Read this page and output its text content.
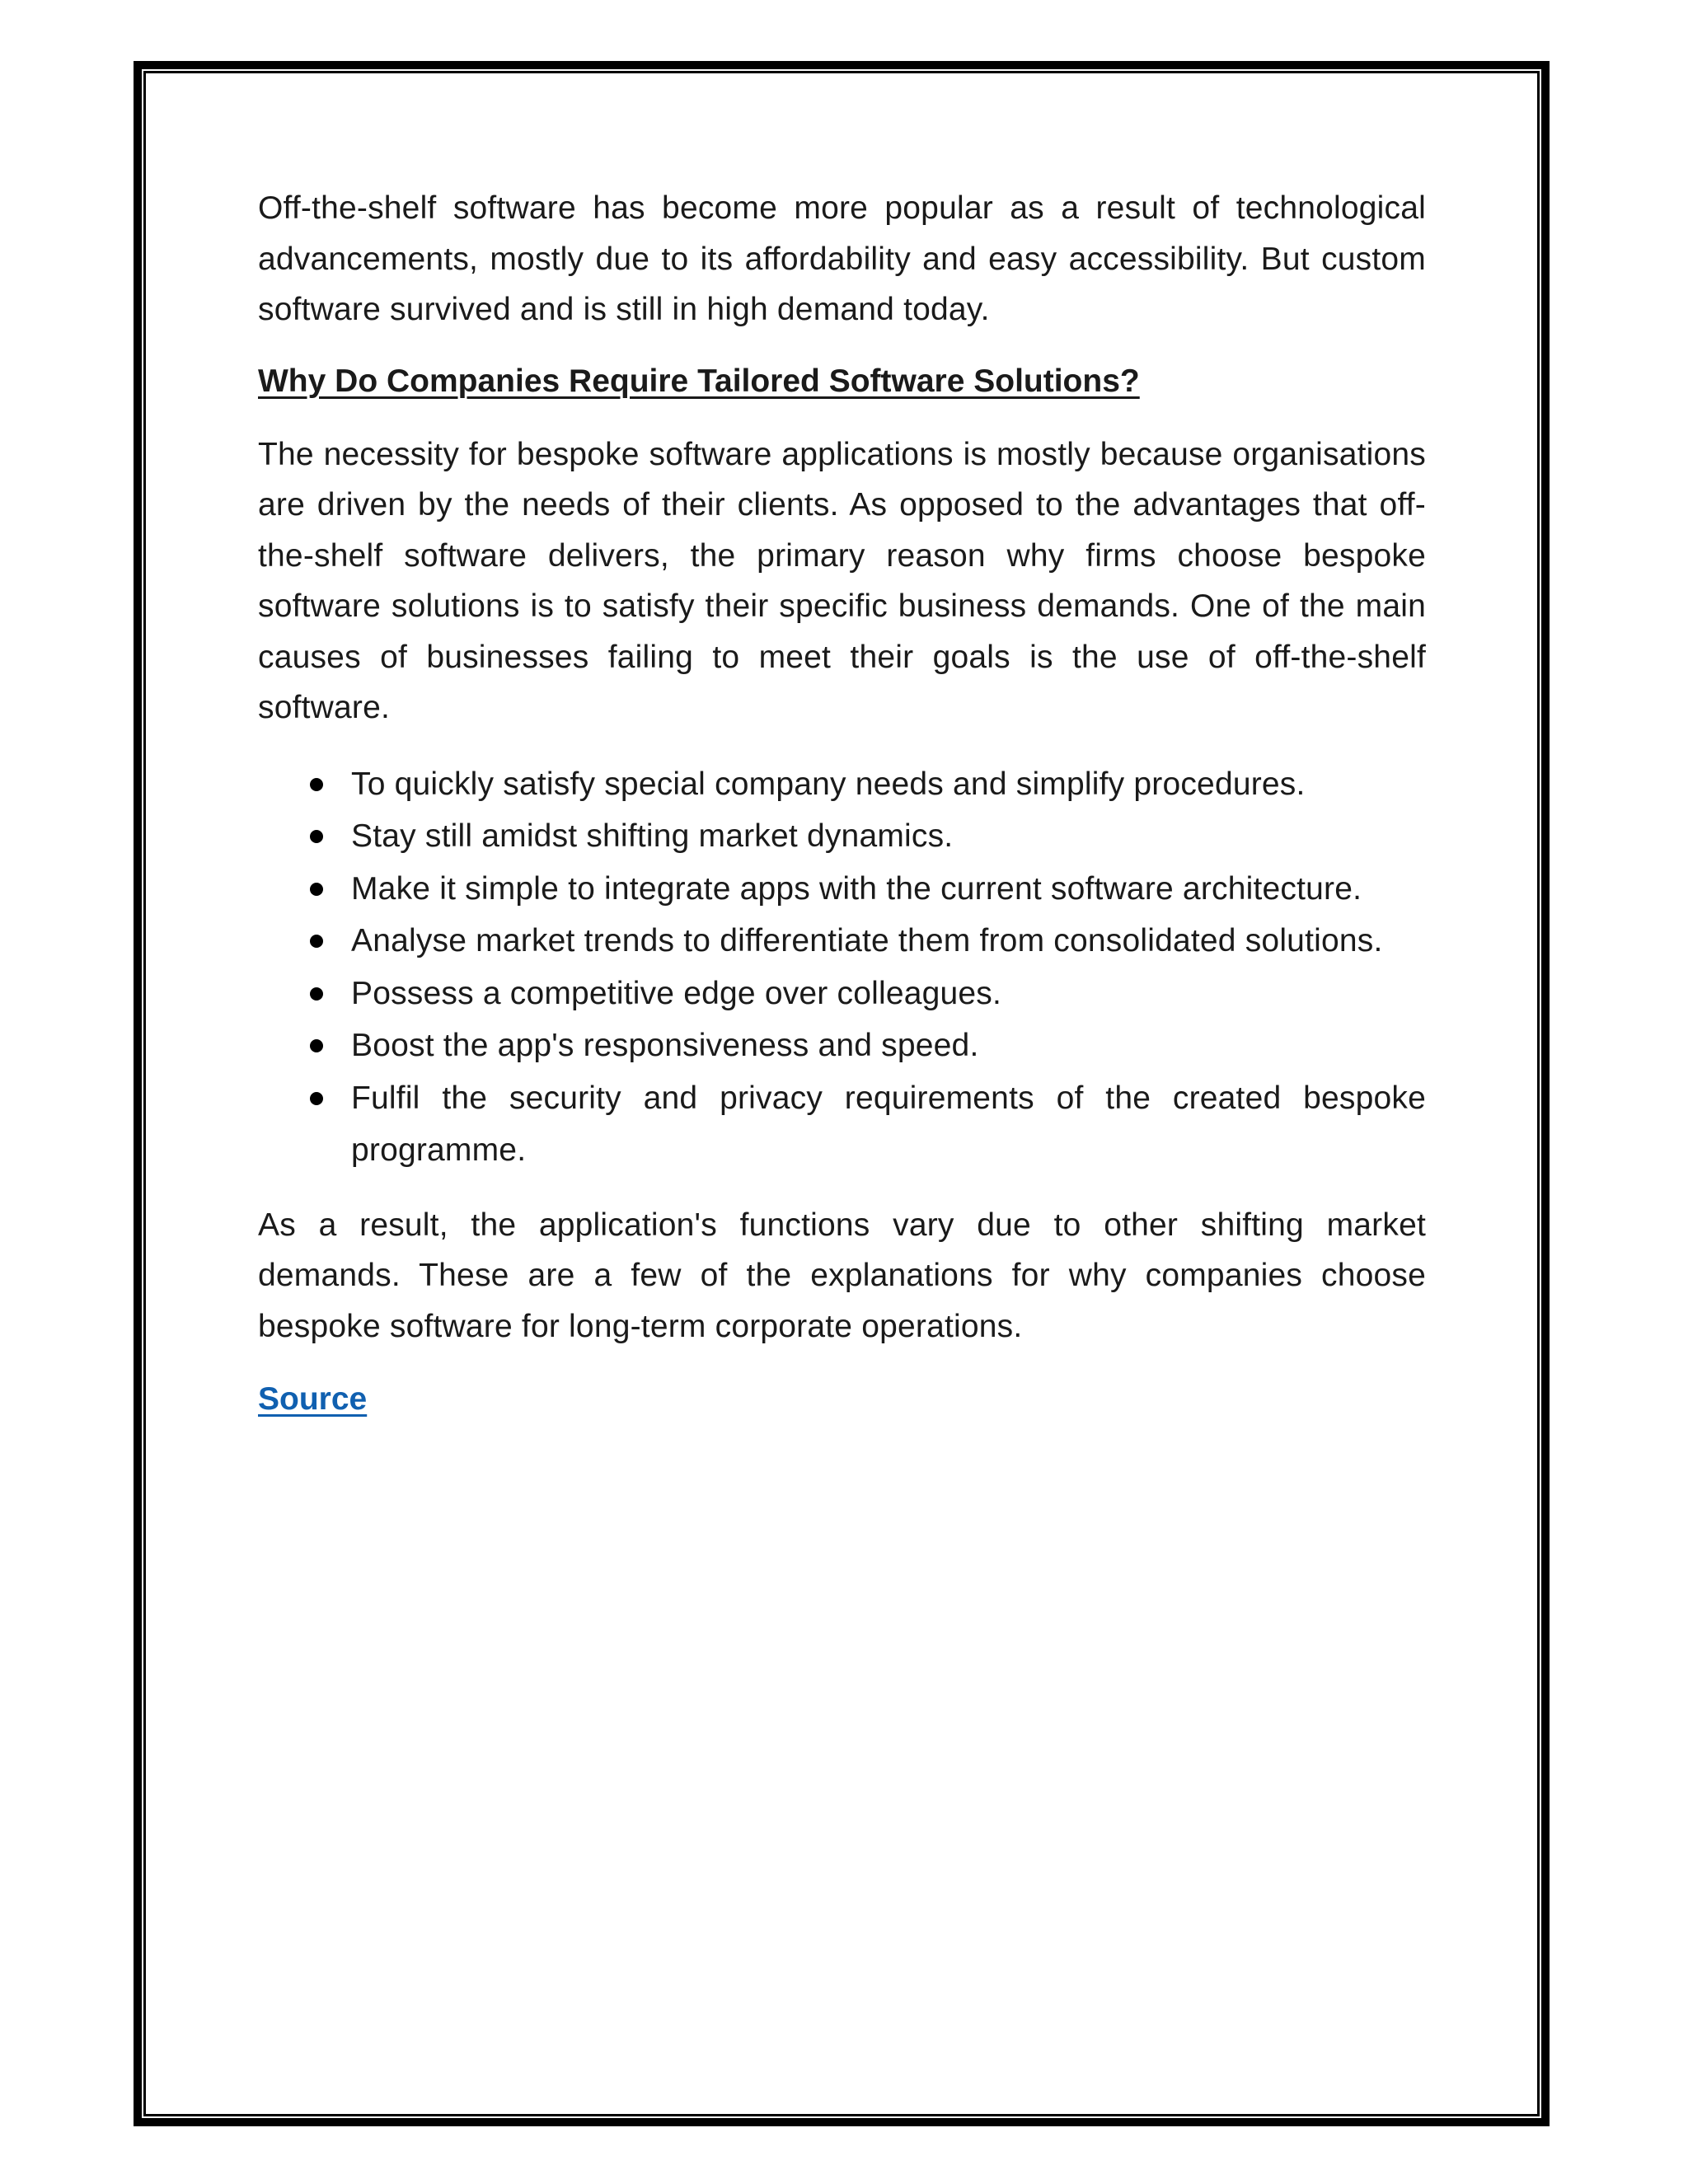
Off-the-shelf software has become more popular as a result of technological advancements, mostly due to its affordability and easy accessibility. But custom software survived and is still in high demand today.

Why Do Companies Require Tailored Software Solutions?

The necessity for bespoke software applications is mostly because organisations are driven by the needs of their clients. As opposed to the advantages that off-the-shelf software delivers, the primary reason why firms choose bespoke software solutions is to satisfy their specific business demands. One of the main causes of businesses failing to meet their goals is the use of off-the-shelf software.

To quickly satisfy special company needs and simplify procedures.
Stay still amidst shifting market dynamics.
Make it simple to integrate apps with the current software architecture.
Analyse market trends to differentiate them from consolidated solutions.
Possess a competitive edge over colleagues.
Boost the app's responsiveness and speed.
Fulfil the security and privacy requirements of the created bespoke programme.

As a result, the application's functions vary due to other shifting market demands. These are a few of the explanations for why companies choose bespoke software for long-term corporate operations.

Source
